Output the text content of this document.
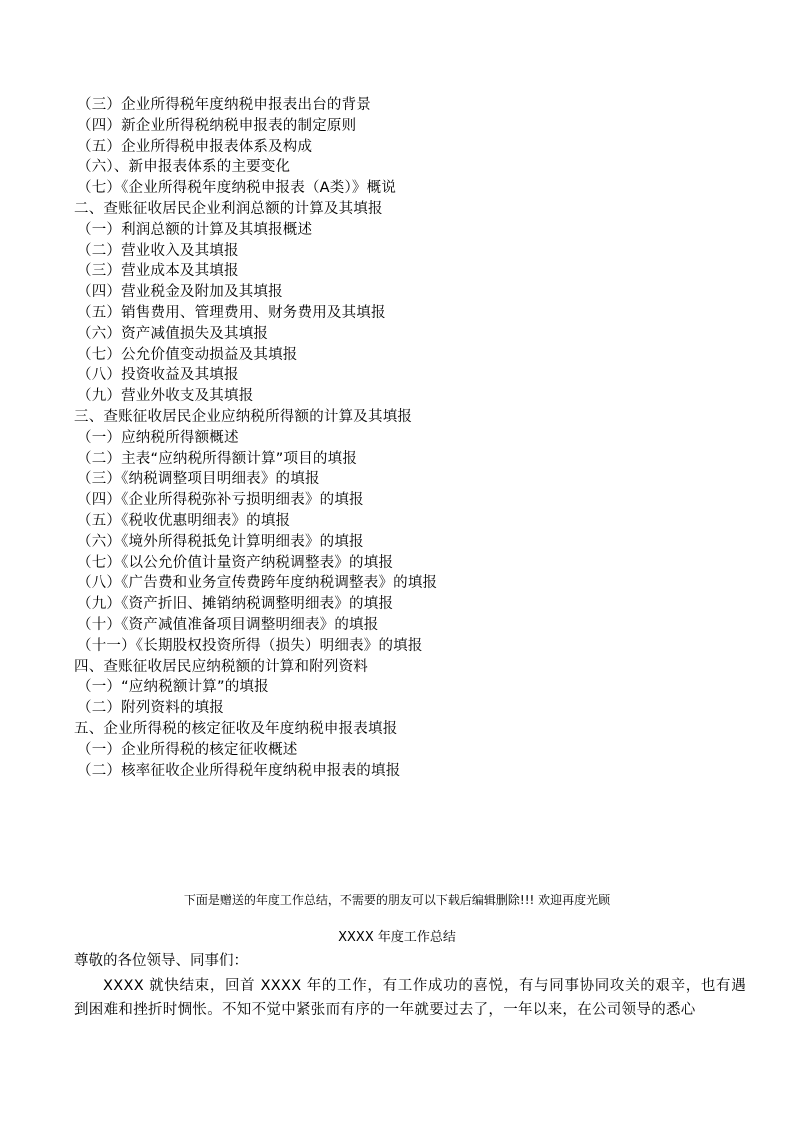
（三）企业所得税年度纳税申报表出台的背景
（四）新企业所得税纳税申报表的制定原则
（五）企业所得税申报表体系及构成
（六）、新申报表体系的主要变化
（七）《企业所得税年度纳税申报表（A类）》概说
二、查账征收居民企业利润总额的计算及其填报
（一）利润总额的计算及其填报概述
（二）营业收入及其填报
（三）营业成本及其填报
（四）营业税金及附加及其填报
（五）销售费用、管理费用、财务费用及其填报
（六）资产减值损失及其填报
（七）公允价值变动损益及其填报
（八）投资收益及其填报
（九）营业外收支及其填报
三、查账征收居民企业应纳税所得额的计算及其填报
（一）应纳税所得额概述
（二）主表“应纳税所得额计算”项目的填报
（三）《纳税调整项目明细表》的填报
（四）《企业所得税弥补亏损明细表》的填报
（五）《税收优惠明细表》的填报
（六）《境外所得税抵免计算明细表》的填报
（七）《以公允价值计量资产纳税调整表》的填报
（八）《广告费和业务宣传费跨年度纳税调整表》的填报
（九）《资产折旧、摊销纳税调整明细表》的填报
（十）《资产减值准备项目调整明细表》的填报
（十一）《长期股权投资所得（损失）明细表》的填报
四、查账征收居民应纳税额的计算和附列资料
（一）“应纳税额计算”的填报
（二）附列资料的填报
五、企业所得税的核定征收及年度纳税申报表填报
（一）企业所得税的核定征收概述
（二）核率征收企业所得税年度纳税申报表的填报
下面是赠送的年度工作总结，不需要的朋友可以下载后编辑删除!!! 欢迎再度光顾
XXXX 年度工作总结
尊敬的各位领导、同事们：
XXXX 就快结束，回首 XXXX 年的工作，有工作成功的喜悦，有与同事协同攻关的艰辛，也有遇到困难和挫折时惆怅。不知不觉中紧张而有序的一年就要过去了，一年以来，在公司领导的悉心
